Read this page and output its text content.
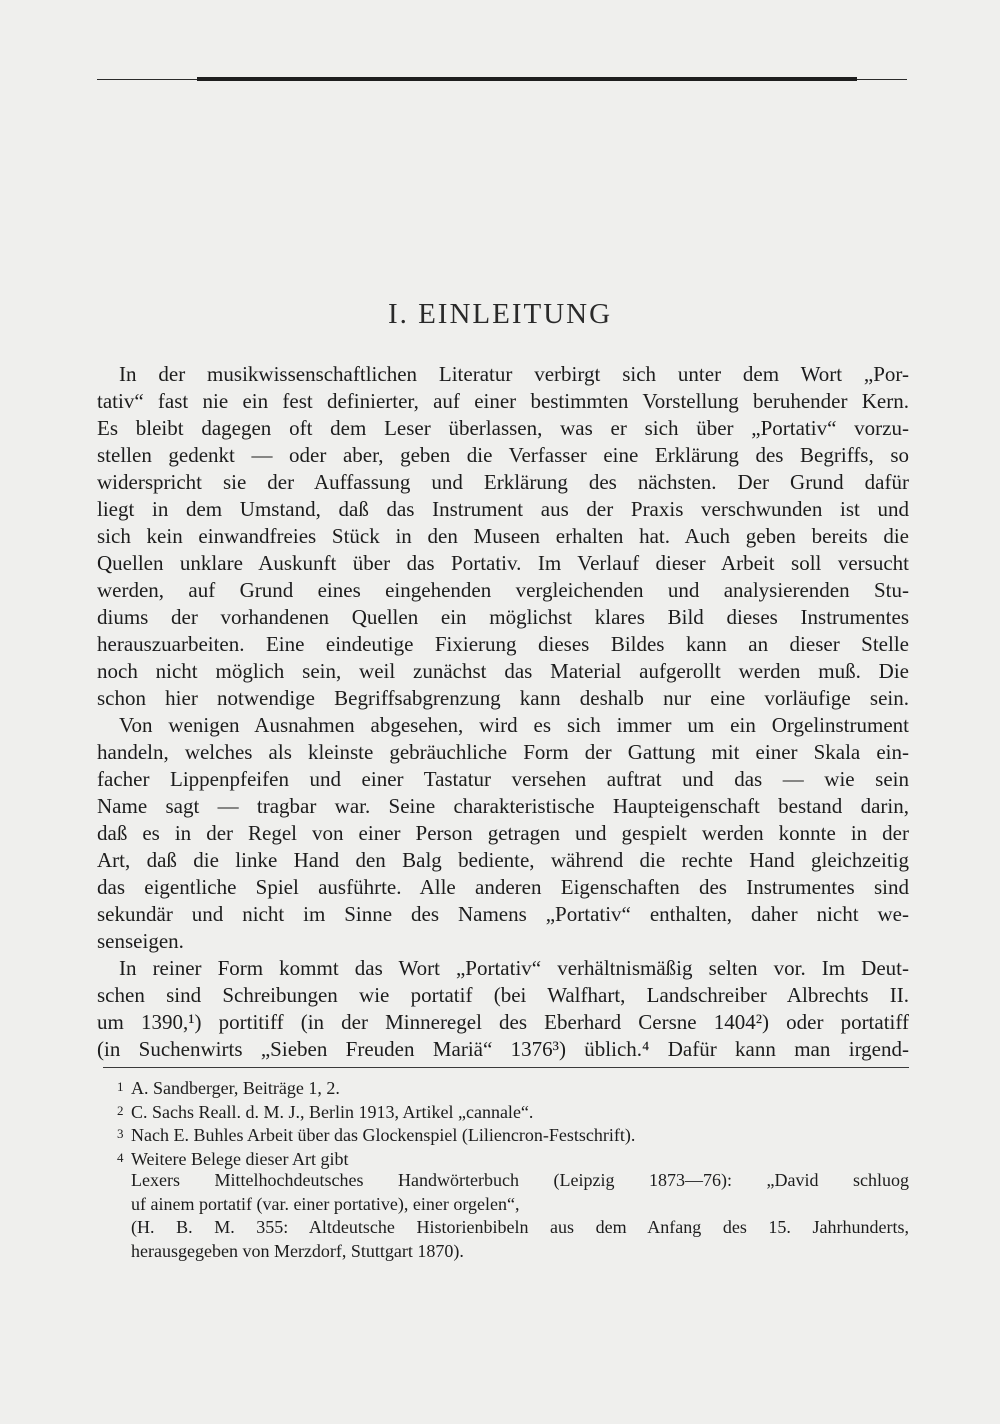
I. EINLEITUNG
In der musikwissenschaftlichen Literatur verbirgt sich unter dem Wort „Por-
tativ“ fast nie ein fest definierter, auf einer bestimmten Vorstellung beruhender Kern.
Es bleibt dagegen oft dem Leser überlassen, was er sich über „Portativ“ vorzu-
stellen gedenkt — oder aber, geben die Verfasser eine Erklärung des Begriffs, so
widerspricht sie der Auffassung und Erklärung des nächsten. Der Grund dafür
liegt in dem Umstand, daß das Instrument aus der Praxis verschwunden ist und
sich kein einwandfreies Stück in den Museen erhalten hat. Auch geben bereits die
Quellen unklare Auskunft über das Portativ. Im Verlauf dieser Arbeit soll versucht
werden, auf Grund eines eingehenden vergleichenden und analysierenden Stu-
diums der vorhandenen Quellen ein möglichst klares Bild dieses Instrumentes
herauszuarbeiten. Eine eindeutige Fixierung dieses Bildes kann an dieser Stelle
noch nicht möglich sein, weil zunächst das Material aufgerollt werden muß. Die
schon hier notwendige Begriffsabgrenzung kann deshalb nur eine vorläufige sein.
Von wenigen Ausnahmen abgesehen, wird es sich immer um ein Orgelinstrument
handeln, welches als kleinste gebräuchliche Form der Gattung mit einer Skala ein-
facher Lippenpfeifen und einer Tastatur versehen auftrat und das — wie sein
Name sagt — tragbar war. Seine charakteristische Haupteigenschaft bestand darin,
daß es in der Regel von einer Person getragen und gespielt werden konnte in der
Art, daß die linke Hand den Balg bediente, während die rechte Hand gleichzeitig
das eigentliche Spiel ausführte. Alle anderen Eigenschaften des Instrumentes sind
sekundär und nicht im Sinne des Namens „Portativ“ enthalten, daher nicht we-
senseigen.
In reiner Form kommt das Wort „Portativ“ verhältnismäßig selten vor. Im Deut-
schen sind Schreibungen wie portatif (bei Walfhart, Landschreiber Albrechts II.
um 1390,¹) portitiff (in der Minneregel des Eberhard Cersne 1404²) oder portatiff
(in Suchenwirts „Sieben Freuden Mariä“ 1376³) üblich.⁴ Dafür kann man irgend-
1 A. Sandberger, Beiträge 1, 2.
2 C. Sachs Reall. d. M. J., Berlin 1913, Artikel „cannale“.
3 Nach E. Buhles Arbeit über das Glockenspiel (Liliencron-Festschrift).
4 Weitere Belege dieser Art gibt
Lexers Mittelhochdeutsches Handwörterbuch (Leipzig 1873—76): „David schluog
uf ainem portatif (var. einer portative), einer orgelen“,
(H. B. M. 355: Altdeutsche Historienbibeln aus dem Anfang des 15. Jahrhunderts,
herausgegeben von Merzdorf, Stuttgart 1870).
